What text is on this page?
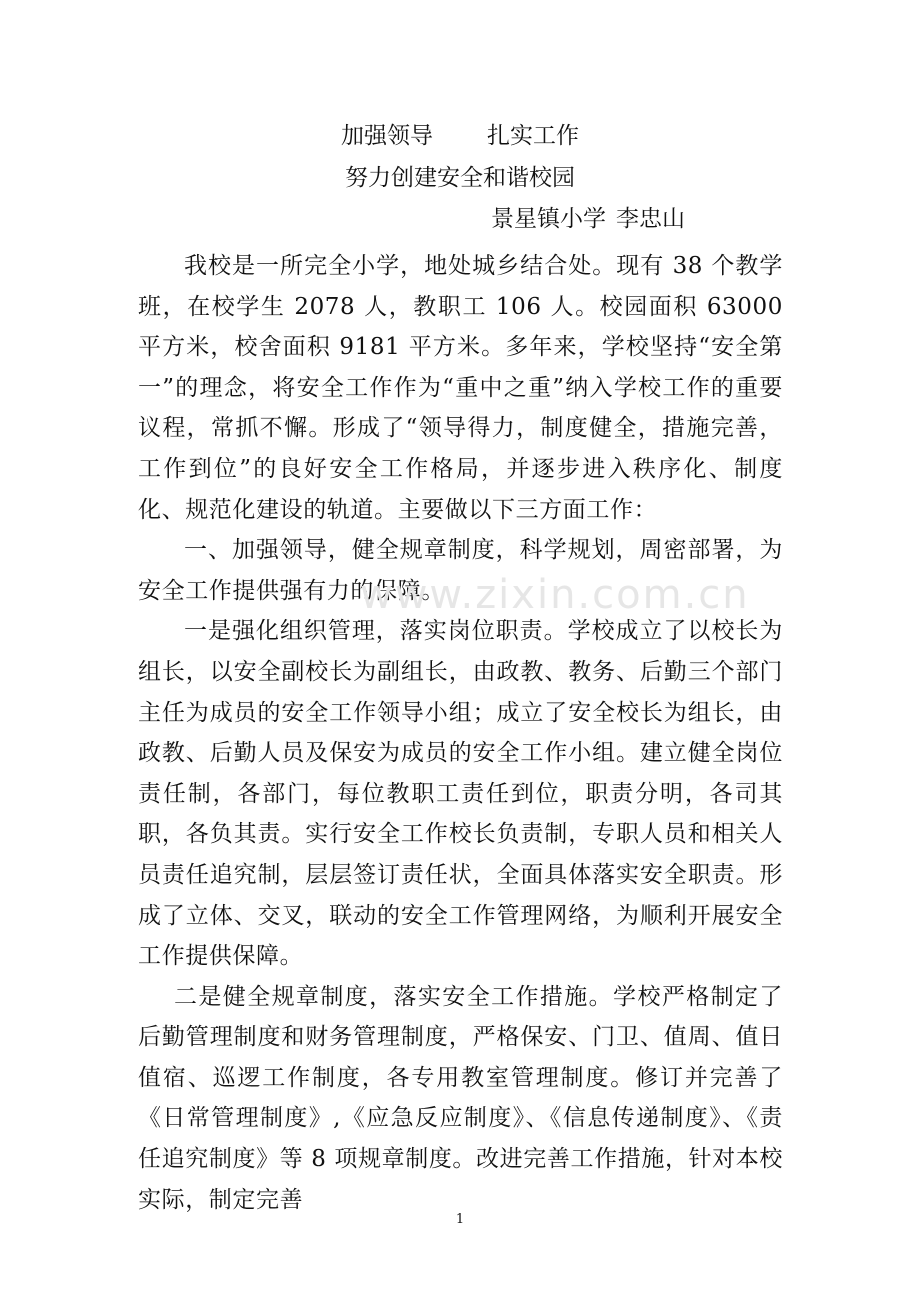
加强领导 扎实工作
努力创建安全和谐校园
景星镇小学 李忠山

我校是一所完全小学，地处城乡结合处。现有 38 个教学班，在校学生 2078 人，教职工 106 人。校园面积 63000 平方米，校舍面积 9181 平方米。多年来，学校坚持“安全第一”的理念，将安全工作作为“重中之重”纳入学校工作的重要议程，常抓不懈。形成了“领导得力，制度健全，措施完善，工作到位”的良好安全工作格局，并逐步进入秩序化、制度化、规范化建设的轨道。主要做以下三方面工作：

一、加强领导，健全规章制度，科学规划，周密部署，为安全工作提供强有力的保障。

一是强化组织管理，落实岗位职责。学校成立了以校长为组长，以安全副校长为副组长，由政教、教务、后勤三个部门主任为成员的安全工作领导小组；成立了安全校长为组长，由政教、后勤人员及保安为成员的安全工作小组。建立健全岗位责任制，各部门，每位教职工责任到位，职责分明，各司其职，各负其责。实行安全工作校长负责制，专职人员和相关人员责任追究制，层层签订责任状，全面具体落实安全职责。形成了立体、交叉，联动的安全工作管理网络，为顺利开展安全工作提供保障。

二是健全规章制度，落实安全工作措施。学校严格制定了后勤管理制度和财务管理制度，严格保安、门卫、值周、值日值宿、巡逻工作制度，各专用教室管理制度。修订并完善了《日常管理制度》,《应急反应制度》、《信息传递制度》、《责任追究制度》等 8 项规章制度。改进完善工作措施，针对本校实际，制定完善

www.zixin.com.cn
1
